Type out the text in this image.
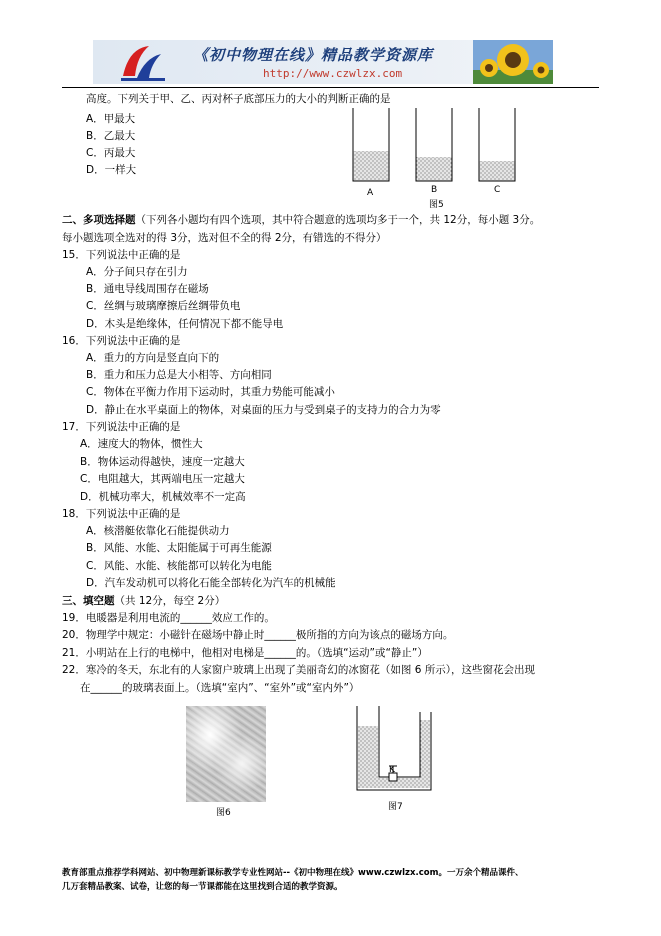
《初中物理在线》精品教学资源库
http://www.czwlzx.com
高度。下列关于甲、乙、丙对杯子底部压力的大小的判断正确的是
A．甲最大
B．乙最大
C．丙最大
D．一样大
A	B	C
图5
二、多项选择题（下列各小题均有四个选项，其中符合题意的选项均多于一个，共 12分，每小题 3分。
每小题选项全选对的得 3分，选对但不全的得 2分，有错选的不得分）
15．下列说法中正确的是
A．分子间只存在引力
B．通电导线周围存在磁场
C．丝绸与玻璃摩擦后丝绸带负电
D．木头是绝缘体，任何情况下都不能导电
16．下列说法中正确的是
A．重力的方向是竖直向下的
B．重力和压力总是大小相等、方向相同
C．物体在平衡力作用下运动时，其重力势能可能减小
D．静止在水平桌面上的物体，对桌面的压力与受到桌子的支持力的合力为零
17．下列说法中正确的是
A．速度大的物体，惯性大
B．物体运动得越快，速度一定越大
C．电阻越大，其两端电压一定越大
D．机械功率大，机械效率不一定高
18．下列说法中正确的是
A．核潜艇依靠化石能提供动力
B．风能、水能、太阳能属于可再生能源
C．风能、水能、核能都可以转化为电能
D．汽车发动机可以将化石能全部转化为汽车的机械能
三、填空题（共 12分，每空 2分）
19．电暖器是利用电流的______效应工作的。
20．物理学中规定：小磁针在磁场中静止时______极所指的方向为该点的磁场方向。
21．小明站在上行的电梯中，他相对电梯是______的。（选填“运动”或“静止”）
22．寒冷的冬天，东北有的人家窗户玻璃上出现了美丽奇幻的冰窗花（如图 6 所示），这些窗花会出现
在______的玻璃表面上。（选填“室内”、“室外”或“室内外”）
图6
K
图7
教育部重点推荐学科网站、初中物理新课标教学专业性网站--《初中物理在线》www.czwlzx.com。一万余个精品课件、
几万套精品教案、试卷，让您的每一节课都能在这里找到合适的教学资源。
